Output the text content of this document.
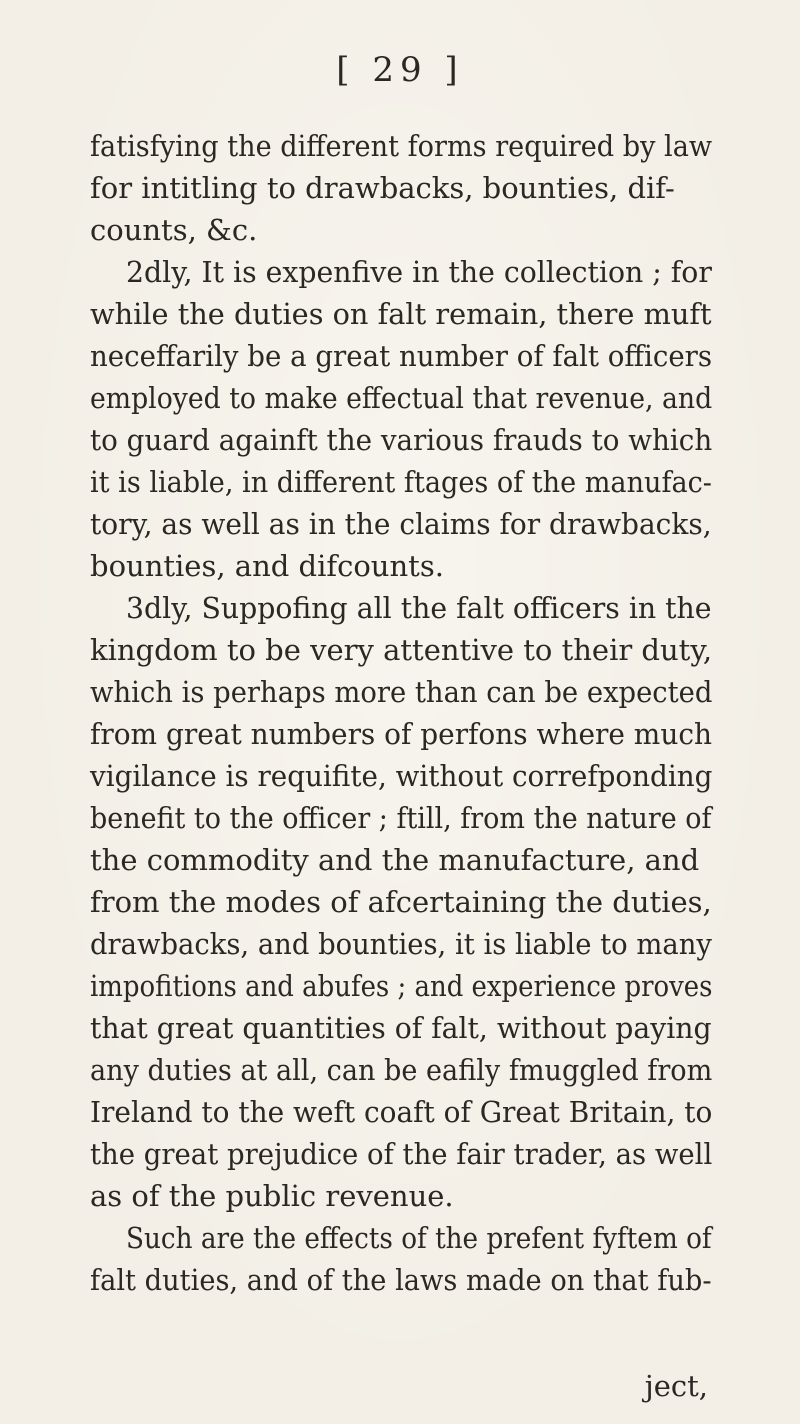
[ 29 ]
fatisfying the different forms required by law
for intitling to drawbacks, bounties, dif-
counts, &c.
2dly, It is expenfive in the collection ; for
while the duties on falt remain, there muft
neceffarily be a great number of falt officers
employed to make effectual that revenue, and
to guard againft the various frauds to which
it is liable, in different ftages of the manufac-
tory, as well as in the claims for drawbacks,
bounties, and difcounts.
3dly, Suppofing all the falt officers in the
kingdom to be very attentive to their duty,
which is perhaps more than can be expected
from great numbers of perfons where much
vigilance is requifite, without correfponding
benefit to the officer ; ftill, from the nature of
the commodity and the manufacture, and
from the modes of afcertaining the duties,
drawbacks, and bounties, it is liable to many
impofitions and abufes ; and experience proves
that great quantities of falt, without paying
any duties at all, can be eafily fmuggled from
Ireland to the weft coaft of Great Britain, to
the great prejudice of the fair trader, as well
as of the public revenue.
Such are the effects of the prefent fyftem of
falt duties, and of the laws made on that fub-
ject,
